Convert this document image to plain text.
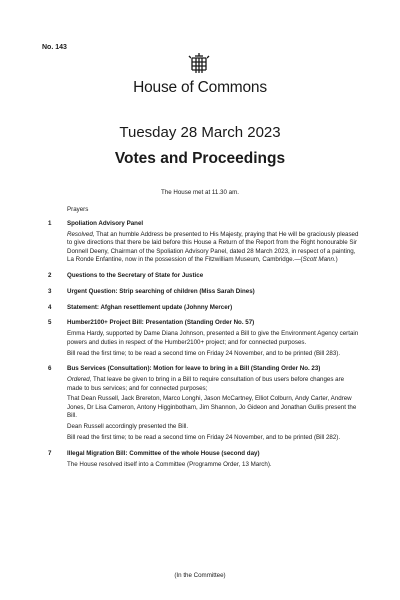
No. 143
House of Commons
Tuesday 28 March 2023
Votes and Proceedings
The House met at 11.30 am.
Prayers
1	Spoliation Advisory Panel
Resolved, That an humble Address be presented to His Majesty, praying that He will be graciously pleased to give directions that there be laid before this House a Return of the Report from the Right honourable Sir Donnell Deeny, Chairman of the Spoliation Advisory Panel, dated 28 March 2023, in respect of a painting, La Ronde Enfantine, now in the possession of the Fitzwilliam Museum, Cambridge.—(Scott Mann.)
2	Questions to the Secretary of State for Justice
3	Urgent Question: Strip searching of children (Miss Sarah Dines)
4	Statement: Afghan resettlement update (Johnny Mercer)
5	Humber2100+ Project Bill: Presentation (Standing Order No. 57)
Emma Hardy, supported by Dame Diana Johnson, presented a Bill to give the Environment Agency certain powers and duties in respect of the Humber2100+ project; and for connected purposes.
Bill read the first time; to be read a second time on Friday 24 November, and to be printed (Bill 283).
6	Bus Services (Consultation): Motion for leave to bring in a Bill (Standing Order No. 23)
Ordered, That leave be given to bring in a Bill to require consultation of bus users before changes are made to bus services; and for connected purposes;
That Dean Russell, Jack Brereton, Marco Longhi, Jason McCartney, Elliot Colburn, Andy Carter, Andrew Jones, Dr Lisa Cameron, Antony Higginbotham, Jim Shannon, Jo Gideon and Jonathan Gullis present the Bill.
Dean Russell accordingly presented the Bill.
Bill read the first time; to be read a second time on Friday 24 November, and to be printed (Bill 282).
7	Illegal Migration Bill: Committee of the whole House (second day)
The House resolved itself into a Committee (Programme Order, 13 March).
(In the Committee)
